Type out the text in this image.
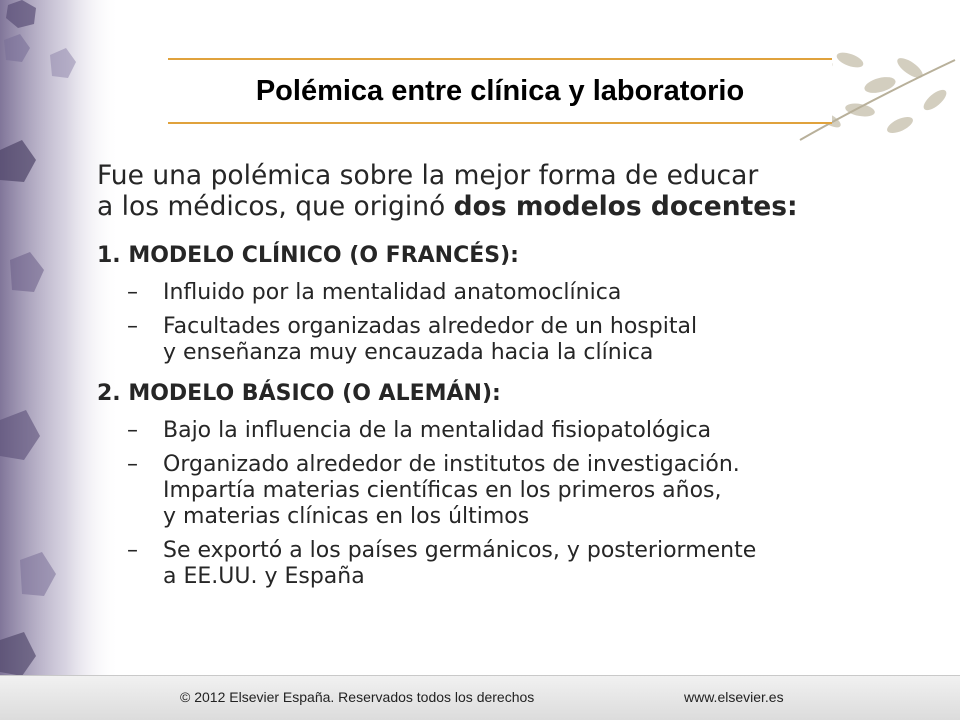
Polémica entre clínica y laboratorio

Fue una polémica sobre la mejor forma de educar
a los médicos, que originó dos modelos docentes:

1. MODELO CLÍNICO (O FRANCÉS):
– Influido por la mentalidad anatomoclínica
– Facultades organizadas alrededor de un hospital
y enseñanza muy encauzada hacia la clínica
2. MODELO BÁSICO (O ALEMÁN):
– Bajo la influencia de la mentalidad fisiopatológica
– Organizado alrededor de institutos de investigación.
Impartía materias científicas en los primeros años,
y materias clínicas en los últimos
– Se exportó a los países germánicos, y posteriormente
a EE.UU. y España
© 2012 Elsevier España. Reservados todos los derechos	www.elsevier.es
